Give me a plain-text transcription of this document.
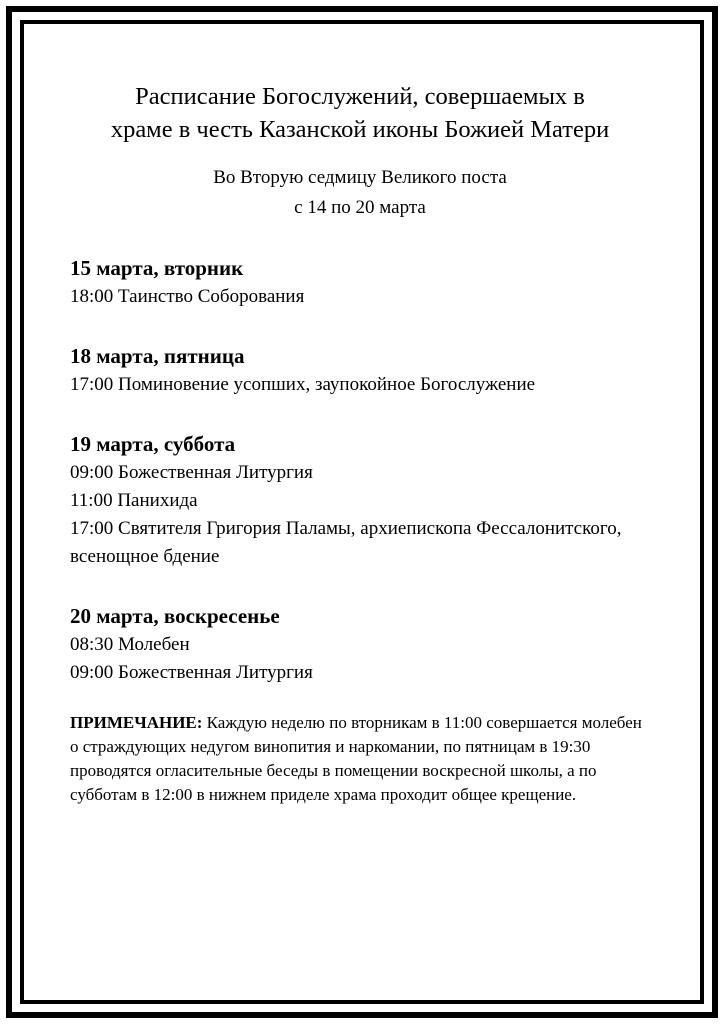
Расписание Богослужений, совершаемых в
храме в честь Казанской иконы Божией Матери
Во Вторую седмицу Великого поста
с 14 по 20 марта
15 марта, вторник
18:00 Таинство Соборования
18 марта, пятница
17:00 Поминовение усопших, заупокойное Богослужение
19 марта, суббота
09:00 Божественная Литургия
11:00 Панихида
17:00 Святителя Григория Паламы, архиепископа Фессалонитского, всенощное бдение
20 марта, воскресенье
08:30 Молебен
09:00 Божественная Литургия
ПРИМЕЧАНИЕ: Каждую неделю по вторникам в 11:00 совершается молебен о страждующих недугом винопития и наркомании, по пятницам в 19:30 проводятся огласительные беседы в помещении воскресной школы, а по субботам в 12:00 в нижнем приделе храма проходит общее крещение.
